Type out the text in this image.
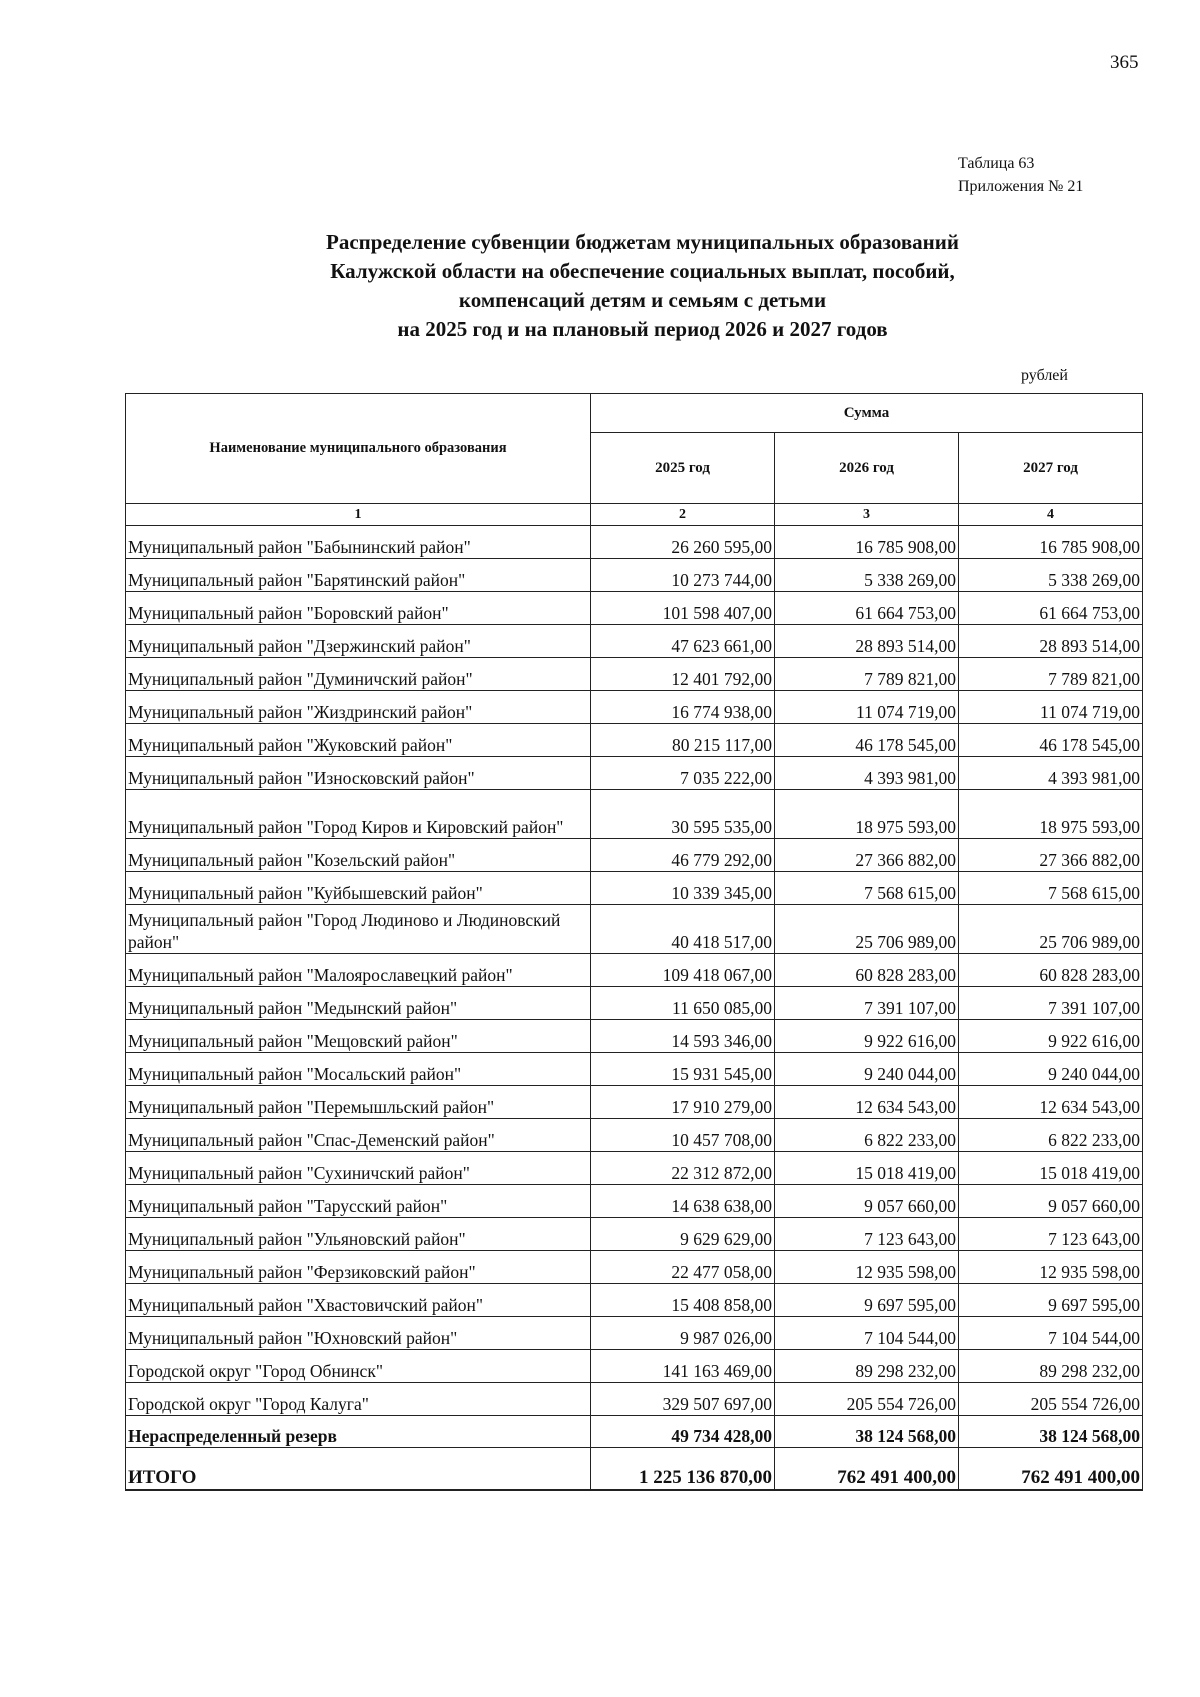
365
Таблица 63
Приложения № 21
Распределение субвенции бюджетам муниципальных образований
Калужской области на обеспечение социальных выплат, пособий,
компенсаций детям и семьям с детьми
на 2025 год и на плановый период 2026 и 2027 годов
рублей
Наименование муниципального образования	Сумма		
	2025 год	2026 год	2027 год
1	2	3	4
Муниципальный район "Бабынинский район"	26 260 595,00	16 785 908,00	16 785 908,00
Муниципальный район "Барятинский район"	10 273 744,00	5 338 269,00	5 338 269,00
Муниципальный район "Боровский район"	101 598 407,00	61 664 753,00	61 664 753,00
Муниципальный район "Дзержинский район"	47 623 661,00	28 893 514,00	28 893 514,00
Муниципальный район "Думиничский район"	12 401 792,00	7 789 821,00	7 789 821,00
Муниципальный район "Жиздринский район"	16 774 938,00	11 074 719,00	11 074 719,00
Муниципальный район "Жуковский район"	80 215 117,00	46 178 545,00	46 178 545,00
Муниципальный район "Износковский район"	7 035 222,00	4 393 981,00	4 393 981,00
Муниципальный район "Город Киров и Кировский район"	30 595 535,00	18 975 593,00	18 975 593,00
Муниципальный район "Козельский район"	46 779 292,00	27 366 882,00	27 366 882,00
Муниципальный район "Куйбышевский район"	10 339 345,00	7 568 615,00	7 568 615,00
Муниципальный район "Город Людиново и Людиновский район"	40 418 517,00	25 706 989,00	25 706 989,00
Муниципальный район "Малоярославецкий район"	109 418 067,00	60 828 283,00	60 828 283,00
Муниципальный район "Медынский район"	11 650 085,00	7 391 107,00	7 391 107,00
Муниципальный район "Мещовский район"	14 593 346,00	9 922 616,00	9 922 616,00
Муниципальный район "Мосальский район"	15 931 545,00	9 240 044,00	9 240 044,00
Муниципальный район "Перемышльский район"	17 910 279,00	12 634 543,00	12 634 543,00
Муниципальный район "Спас-Деменский район"	10 457 708,00	6 822 233,00	6 822 233,00
Муниципальный район "Сухиничский район"	22 312 872,00	15 018 419,00	15 018 419,00
Муниципальный район "Тарусский район"	14 638 638,00	9 057 660,00	9 057 660,00
Муниципальный район "Ульяновский район"	9 629 629,00	7 123 643,00	7 123 643,00
Муниципальный район "Ферзиковский район"	22 477 058,00	12 935 598,00	12 935 598,00
Муниципальный район "Хвастовичский район"	15 408 858,00	9 697 595,00	9 697 595,00
Муниципальный район "Юхновский район"	9 987 026,00	7 104 544,00	7 104 544,00
Городской округ "Город Обнинск"	141 163 469,00	89 298 232,00	89 298 232,00
Городской округ "Город Калуга"	329 507 697,00	205 554 726,00	205 554 726,00
Нераспределенный резерв	49 734 428,00	38 124 568,00	38 124 568,00
ИТОГО	1 225 136 870,00	762 491 400,00	762 491 400,00
